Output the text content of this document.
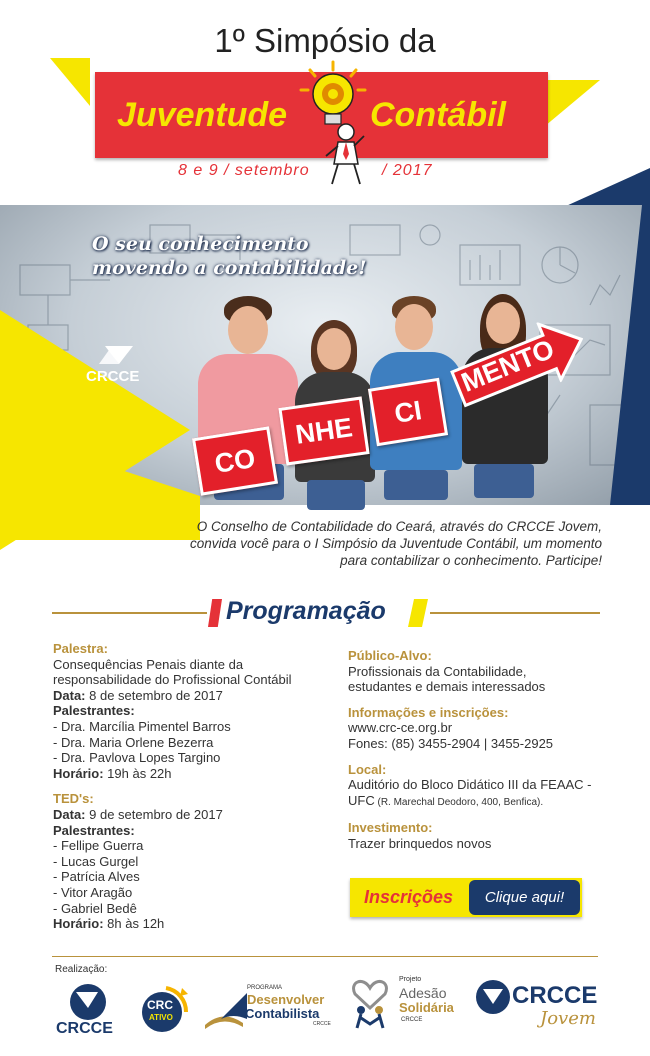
1º Simpósio da
Juventude Contábil
8 e 9 / setembro	/ 2017
O seu conhecimento
movendo a contabilidade!
CRCCE
CO
NHE
CI
MENTO
O Conselho de Contabilidade do Ceará, através do CRCCE Jovem, convida você para o I Simpósio da Juventude Contábil, um momento para contabilizar o conhecimento. Participe!
Programação
Palestra:
Consequências Penais diante da
responsabilidade do Profissional Contábil
Data: 8 de setembro de 2017
Palestrantes:
- Dra. Marcília Pimentel Barros
- Dra. Maria Orlene Bezerra
- Dra. Pavlova Lopes Targino
Horário: 19h às 22h
TED's:
Data: 9 de setembro de 2017
Palestrantes:
- Fellipe Guerra
- Lucas Gurgel
- Patrícia Alves
- Vitor Aragão
- Gabriel Bedê
Horário: 8h às 12h
Público-Alvo:
Profissionais da Contabilidade,
estudantes e demais interessados
Informações e inscrições:
www.crc-ce.org.br
Fones: (85) 3455-2904 | 3455-2925
Local:
Auditório do Bloco Didático III da FEAAC -
UFC (R. Marechal Deodoro, 400, Benfica).
Investimento:
Trazer brinquedos novos
Inscrições	Clique aqui!
Realização:
CRCCE
CRC
ATIVO
PROGRAMA
Desenvolver
Contabilista
CRCCE
Projeto
Adesão
Solidária
CRCCE
CRCCE
Jovem
